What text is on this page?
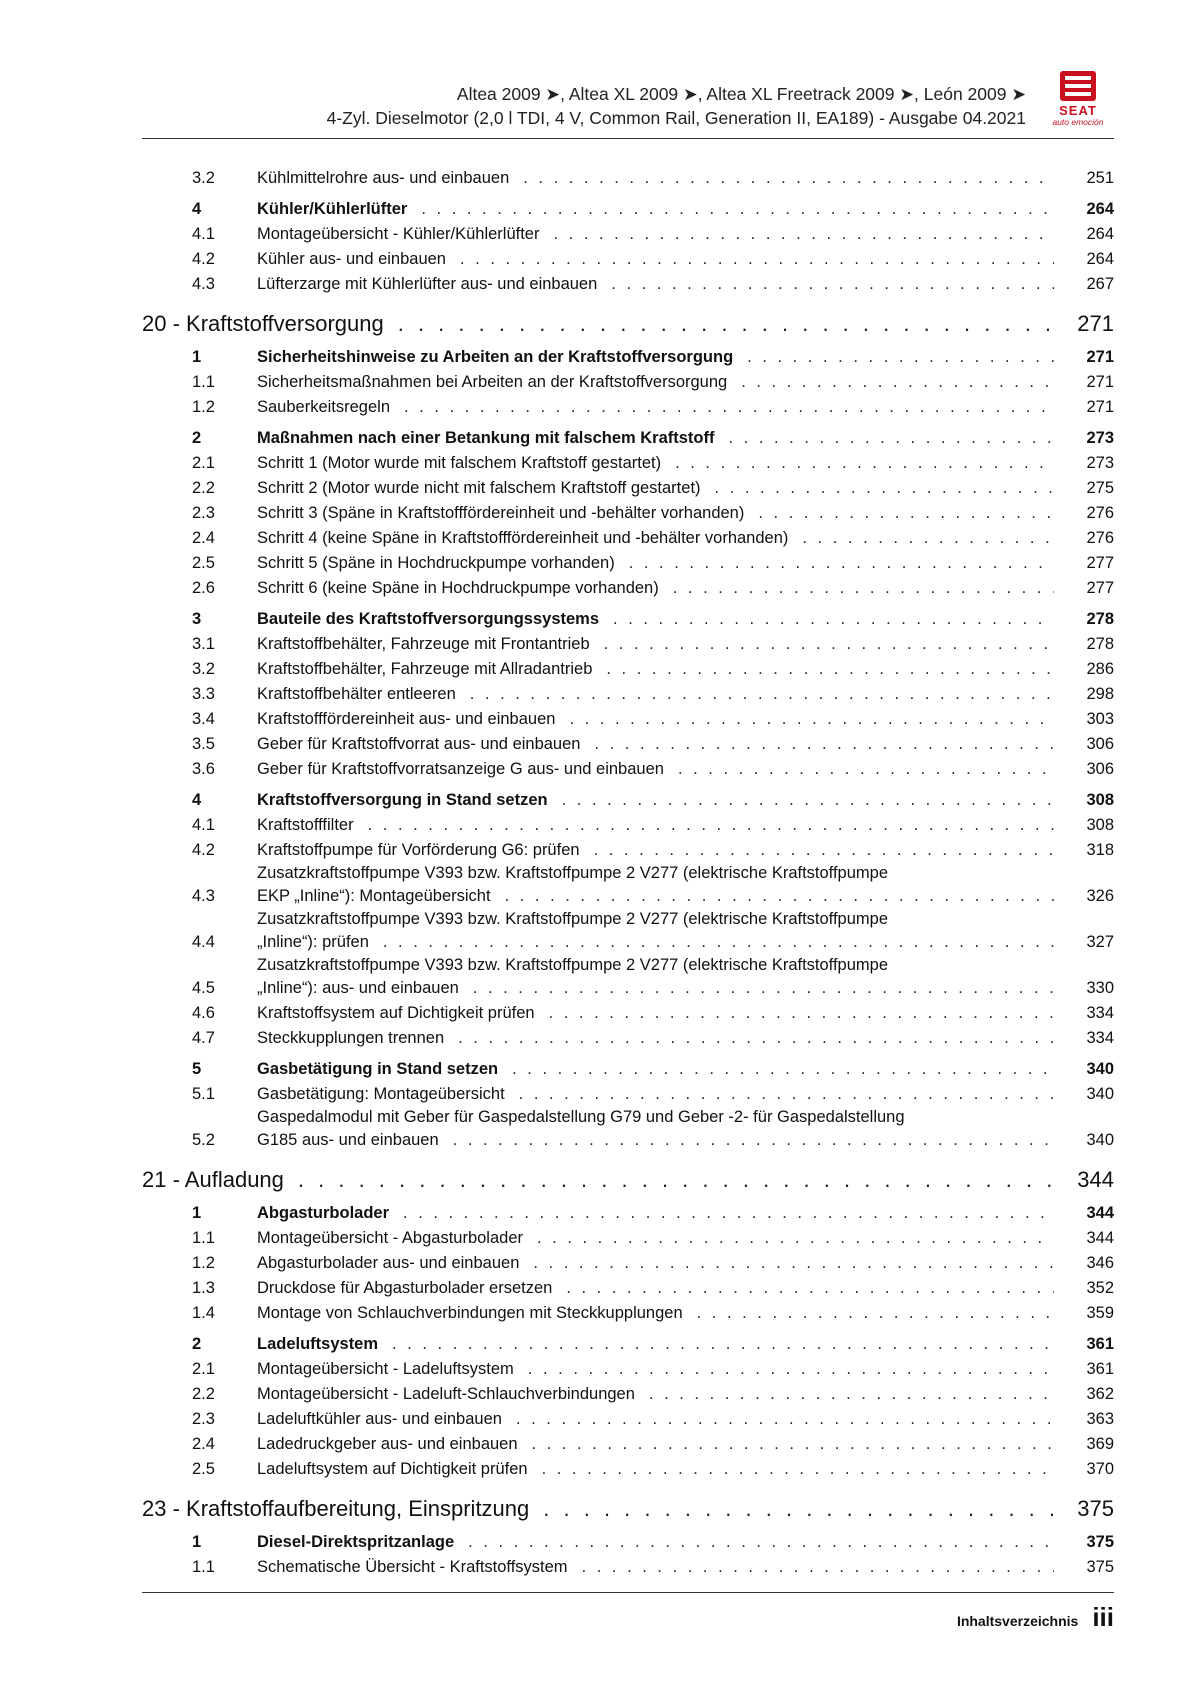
Altea 2009 ➤, Altea XL 2009 ➤, Altea XL Freetrack 2009 ➤, León 2009 ➤
4-Zyl. Dieselmotor (2,0 l TDI, 4 V, Common Rail, Generation II, EA189) - Ausgabe 04.2021	SEAT
auto emoción
3.2	Kühlmittelrohre aus- und einbauen . . .	251
4	Kühler/Kühlerlüfter . . .	264
4.1	Montageübersicht - Kühler/Kühlerlüfter . . .	264
4.2	Kühler aus- und einbauen . . .	264
4.3	Lüfterzarge mit Kühlerlüfter aus- und einbauen . . .	267
20 - Kraftstoffversorgung . . .	271
1	Sicherheitshinweise zu Arbeiten an der Kraftstoffversorgung . . .	271
1.1	Sicherheitsmaßnahmen bei Arbeiten an der Kraftstoffversorgung . . .	271
1.2	Sauberkeitsregeln . . .	271
2	Maßnahmen nach einer Betankung mit falschem Kraftstoff . . .	273
2.1	Schritt 1 (Motor wurde mit falschem Kraftstoff gestartet) . . .	273
2.2	Schritt 2 (Motor wurde nicht mit falschem Kraftstoff gestartet) . . .	275
2.3	Schritt 3 (Späne in Kraftstofffördereinheit und -behälter vorhanden) . . .	276
2.4	Schritt 4 (keine Späne in Kraftstofffördereinheit und -behälter vorhanden) . . .	276
2.5	Schritt 5 (Späne in Hochdruckpumpe vorhanden) . . .	277
2.6	Schritt 6 (keine Späne in Hochdruckpumpe vorhanden) . . .	277
3	Bauteile des Kraftstoffversorgungssystems . . .	278
3.1	Kraftstoffbehälter, Fahrzeuge mit Frontantrieb . . .	278
3.2	Kraftstoffbehälter, Fahrzeuge mit Allradantrieb . . .	286
3.3	Kraftstoffbehälter entleeren . . .	298
3.4	Kraftstofffördereinheit aus- und einbauen . . .	303
3.5	Geber für Kraftstoffvorrat aus- und einbauen . . .	306
3.6	Geber für Kraftstoffvorratsanzeige G aus- und einbauen . . .	306
4	Kraftstoffversorgung in Stand setzen . . .	308
4.1	Kraftstofffilter . . .	308
4.2	Kraftstoffpumpe für Vorförderung G6: prüfen . . .	318
4.3
Zusatzkraftstoffpumpe V393 bzw. Kraftstoffpumpe 2 V277 (elektrische Kraftstoffpumpe
EKP „Inline“): Montageübersicht . . .	326
4.4
Zusatzkraftstoffpumpe V393 bzw. Kraftstoffpumpe 2 V277 (elektrische Kraftstoffpumpe
„Inline“): prüfen . . .	327
4.5
Zusatzkraftstoffpumpe V393 bzw. Kraftstoffpumpe 2 V277 (elektrische Kraftstoffpumpe
„Inline“): aus- und einbauen . . .	330
4.6	Kraftstoffsystem auf Dichtigkeit prüfen . . .	334
4.7	Steckkupplungen trennen . . .	334
5	Gasbetätigung in Stand setzen . . .	340
5.1	Gasbetätigung: Montageübersicht . . .	340
5.2
Gaspedalmodul mit Geber für Gaspedalstellung G79 und Geber -2- für Gaspedalstellung
G185 aus- und einbauen . . .	340
21 - Aufladung . . .	344
1	Abgasturbolader . . .	344
1.1	Montageübersicht - Abgasturbolader . . .	344
1.2	Abgasturbolader aus- und einbauen . . .	346
1.3	Druckdose für Abgasturbolader ersetzen . . .	352
1.4	Montage von Schlauchverbindungen mit Steckkupplungen . . .	359
2	Ladeluftsystem . . .	361
2.1	Montageübersicht - Ladeluftsystem . . .	361
2.2	Montageübersicht - Ladeluft-Schlauchverbindungen . . .	362
2.3	Ladeluftkühler aus- und einbauen . . .	363
2.4	Ladedruckgeber aus- und einbauen . . .	369
2.5	Ladeluftsystem auf Dichtigkeit prüfen . . .	370
23 - Kraftstoffaufbereitung, Einspritzung . . .	375
1	Diesel-Direktspritzanlage . . .	375
1.1	Schematische Übersicht - Kraftstoffsystem . . .	375
Inhaltsverzeichnis iii
